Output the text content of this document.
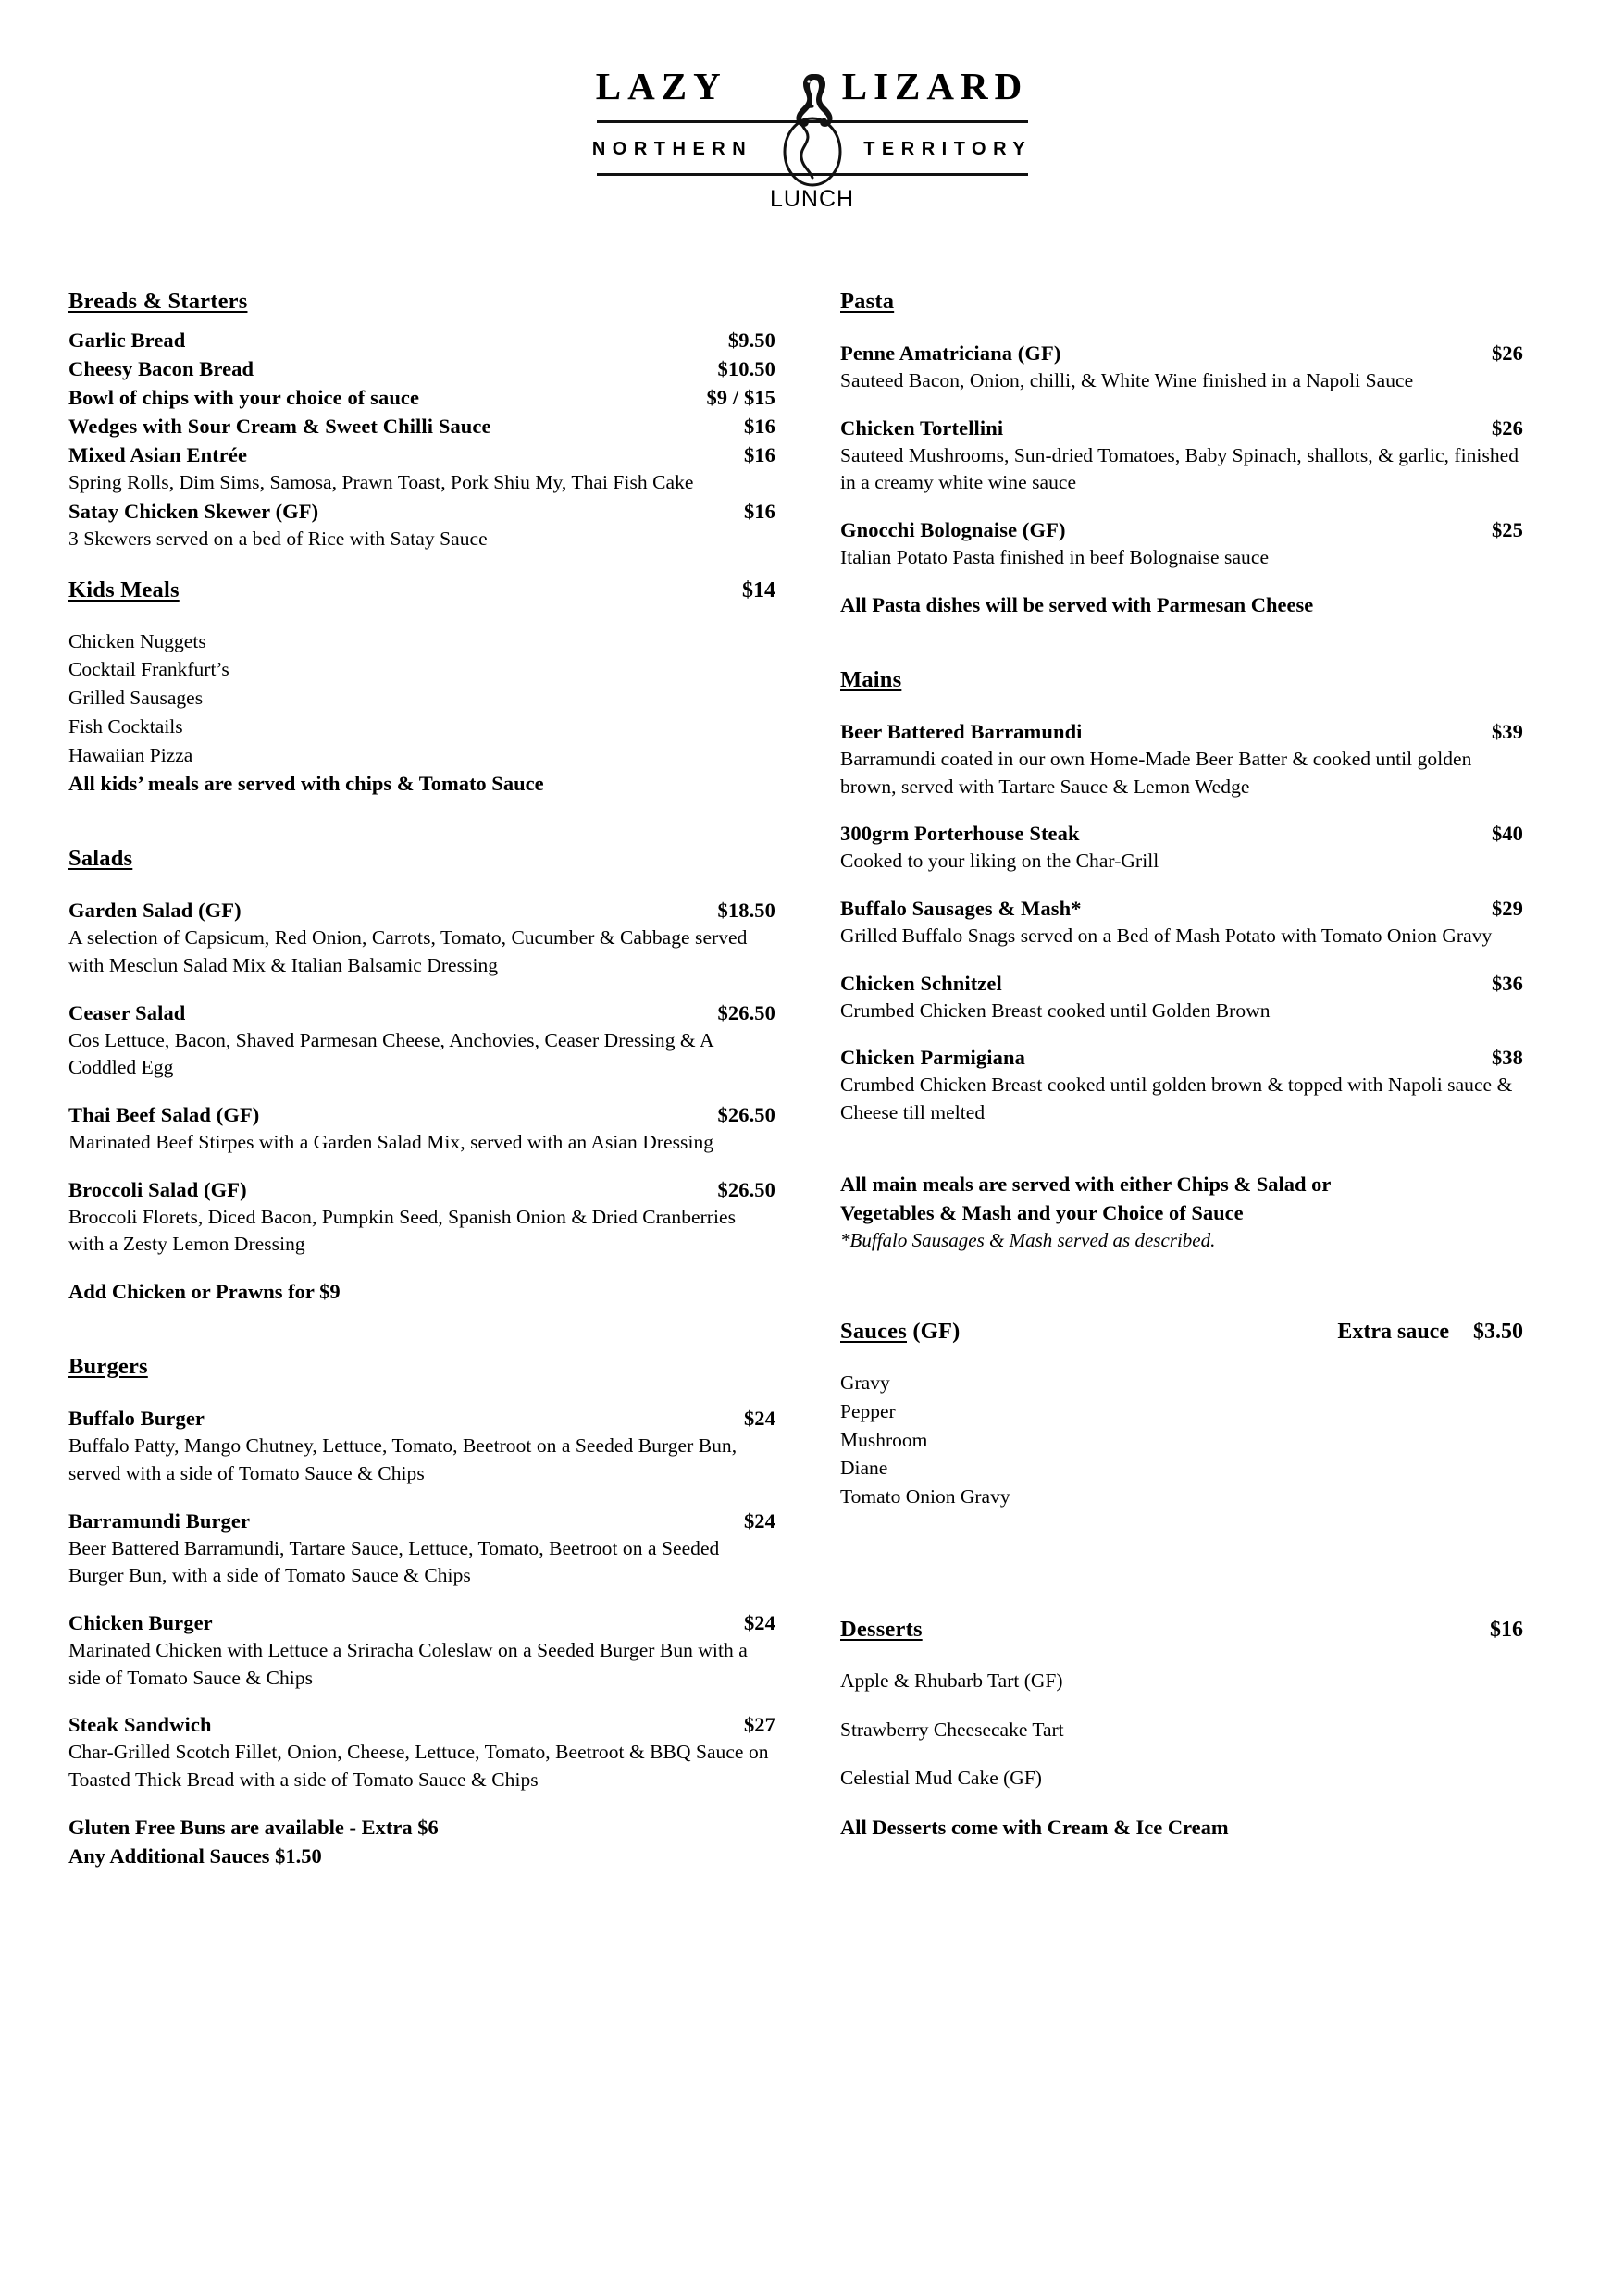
LAZY	LIZARD
NORTHERN	TERRITORY
LUNCH
Breads & Starters
Garlic Bread	$9.50
Cheesy Bacon Bread	$10.50
Bowl of chips with your choice of sauce	$9 / $15
Wedges with Sour Cream & Sweet Chilli Sauce	$16
Mixed Asian Entrée	$16

Spring Rolls, Dim Sims, Samosa, Prawn Toast, Pork Shiu My, Thai Fish Cake

Satay Chicken Skewer (GF)	$16

3 Skewers served on a bed of Rice with Satay Sauce

Kids Meals	$14

Chicken Nuggets

Cocktail Frankfurt’s

Grilled Sausages

Fish Cocktails

Hawaiian Pizza

All kids’ meals are served with chips & Tomato Sauce

Salads
Garden Salad (GF)	$18.50

A selection of Capsicum, Red Onion, Carrots, Tomato, Cucumber & Cabbage served with Mesclun Salad Mix & Italian Balsamic Dressing

Ceaser Salad	$26.50

Cos Lettuce, Bacon, Shaved Parmesan Cheese, Anchovies, Ceaser Dressing & A Coddled Egg

Thai Beef Salad (GF)	$26.50

Marinated Beef Stirpes with a Garden Salad Mix, served with an Asian Dressing

Broccoli Salad (GF)	$26.50

Broccoli Florets, Diced Bacon, Pumpkin Seed, Spanish Onion & Dried Cranberries with a Zesty Lemon Dressing

Add Chicken or Prawns for $9

Burgers
Buffalo Burger	$24

Buffalo Patty, Mango Chutney, Lettuce, Tomato, Beetroot on a Seeded Burger Bun, served with a side of Tomato Sauce & Chips

Barramundi Burger	$24

Beer Battered Barramundi, Tartare Sauce, Lettuce, Tomato, Beetroot on a Seeded Burger Bun, with a side of Tomato Sauce & Chips

Chicken Burger	$24

Marinated Chicken with Lettuce a Sriracha Coleslaw on a Seeded Burger Bun with a side of Tomato Sauce & Chips

Steak Sandwich	$27

Char-Grilled Scotch Fillet, Onion, Cheese, Lettuce, Tomato, Beetroot & BBQ Sauce on Toasted Thick Bread with a side of Tomato Sauce & Chips

Gluten Free Buns are available - Extra $6

Any Additional Sauces $1.50

Pasta
Penne Amatriciana (GF)	$26

Sauteed Bacon, Onion, chilli, & White Wine finished in a Napoli Sauce

Chicken Tortellini	$26

Sauteed Mushrooms, Sun-dried Tomatoes, Baby Spinach, shallots, & garlic, finished in a creamy white wine sauce

Gnocchi Bolognaise (GF)	$25

Italian Potato Pasta finished in beef Bolognaise sauce

All Pasta dishes will be served with Parmesan Cheese

Mains
Beer Battered Barramundi	$39

Barramundi coated in our own Home-Made Beer Batter & cooked until golden brown, served with Tartare Sauce & Lemon Wedge

300grm Porterhouse Steak	$40

Cooked to your liking on the Char-Grill

Buffalo Sausages & Mash*	$29

Grilled Buffalo Snags served on a Bed of Mash Potato with Tomato Onion Gravy

Chicken Schnitzel	$36

Crumbed Chicken Breast cooked until Golden Brown

Chicken Parmigiana	$38

Crumbed Chicken Breast cooked until golden brown & topped with Napoli sauce & Cheese till melted

All main meals are served with either Chips & Salad or

Vegetables & Mash and your Choice of Sauce

*Buffalo Sausages & Mash served as described.

Sauces (GF)	Extra sauce $3.50

Gravy

Pepper

Mushroom

Diane

Tomato Onion Gravy

Desserts	$16

Apple & Rhubarb Tart (GF)

Strawberry Cheesecake Tart

Celestial Mud Cake (GF)

All Desserts come with Cream & Ice Cream
